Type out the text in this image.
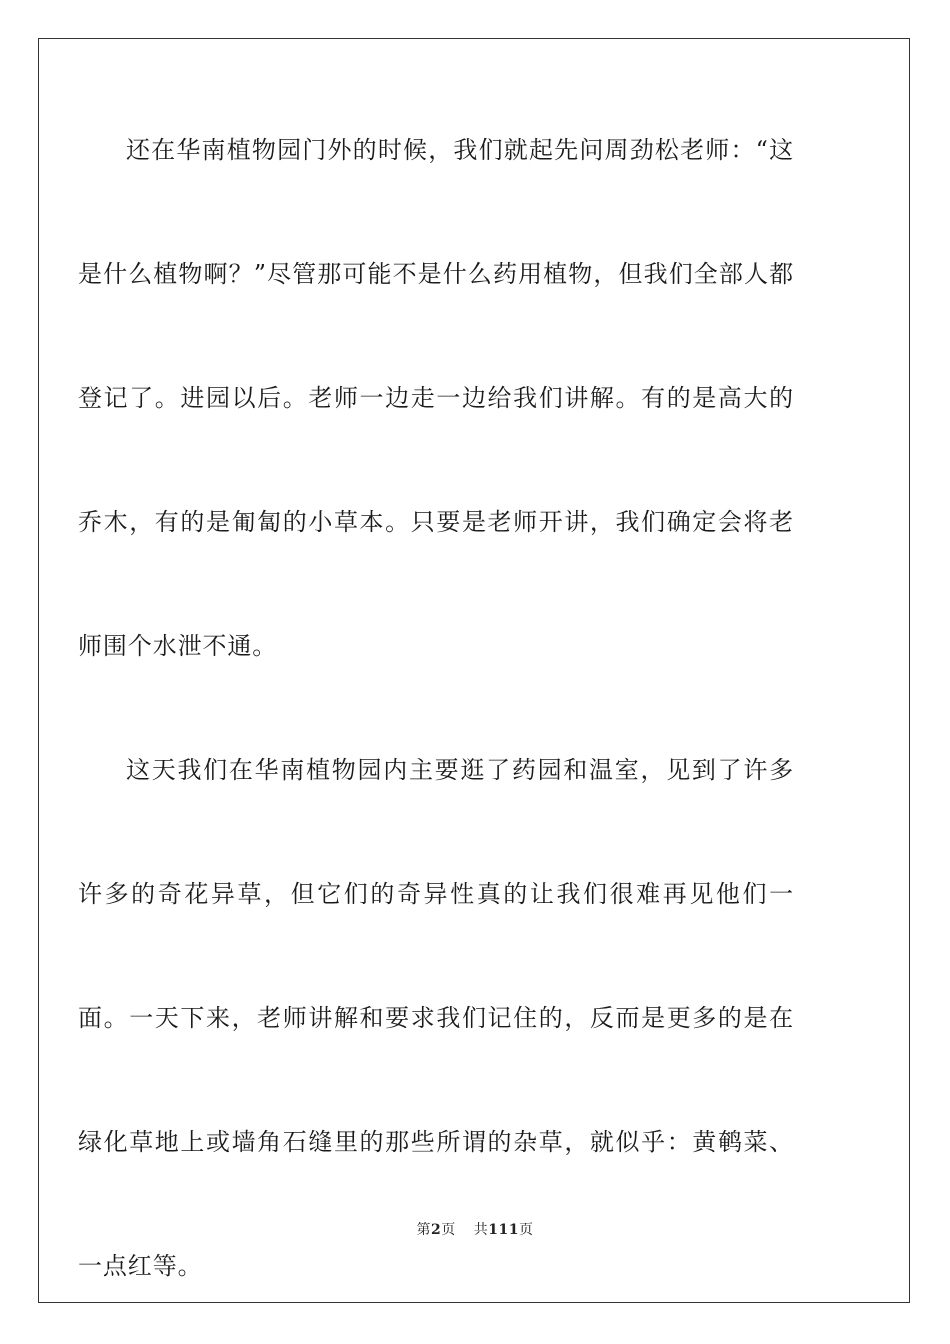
还在华南植物园门外的时候，我们就起先问周劲松老师：“这是什么植物啊？”尽管那可能不是什么药用植物，但我们全部人都登记了。进园以后。老师一边走一边给我们讲解。有的是高大的乔木，有的是匍匐的小草本。只要是老师开讲，我们确定会将老师围个水泄不通。

这天我们在华南植物园内主要逛了药园和温室，见到了许多许多的奇花异草，但它们的奇异性真的让我们很难再见他们一面。一天下来，老师讲解和要求我们记住的，反而是更多的是在绿化草地上或墙角石缝里的那些所谓的杂草，就似乎：黄鹌菜、一点红等。

第2页 共111页
